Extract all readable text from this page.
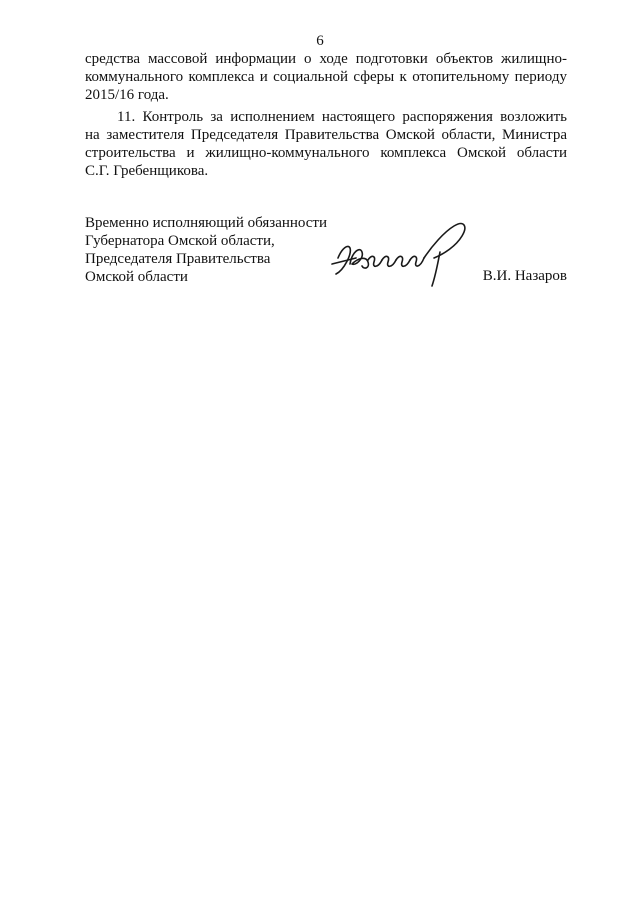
6
средства массовой информации о ходе подготовки объектов жилищно-
коммунального комплекса и социальной сферы к отопительному периоду
2015/16 года.
11. Контроль за исполнением настоящего распоряжения возложить
на заместителя Председателя Правительства Омской области, Министра
строительства и жилищно-коммунального комплекса Омской области
С.Г. Гребенщикова.
Временно исполняющий обязанности
Губернатора Омской области,
Председателя Правительства
Омской области	В.И. Назаров
